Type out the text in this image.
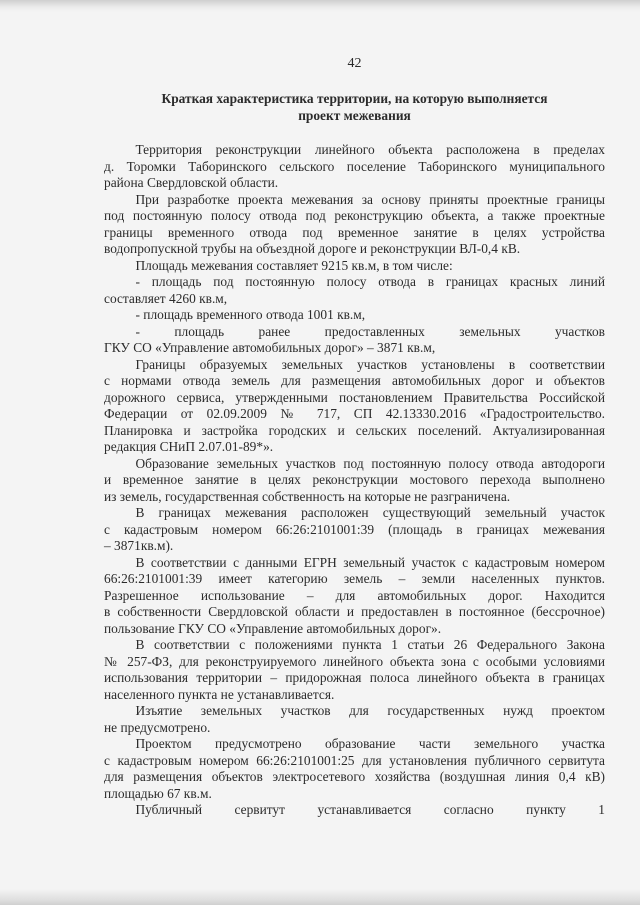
42
Краткая характеристика территории, на которую выполняется
проект межевания

Территория реконструкции линейного объекта расположена в пределах

д. Торомки Таборинского сельского поселение Таборинского муниципального

района Свердловской области.

При разработке проекта межевания за основу приняты проектные границы

под постоянную полосу отвода под реконструкцию объекта, а также проектные

границы временного отвода под временное занятие в целях устройства

водопропускной трубы на объездной дороге и реконструкции ВЛ-0,4 кВ.

Площадь межевания составляет 9215 кв.м, в том числе:

- площадь под постоянную полосу отвода в границах красных линий

составляет 4260 кв.м,

- площадь временного отвода 1001 кв.м,

- площадь ранее предоставленных земельных участков

ГКУ СО «Управление автомобильных дорог» – 3871 кв.м,

Границы образуемых земельных участков установлены в соответствии

с нормами отвода земель для размещения автомобильных дорог и объектов

дорожного сервиса, утвержденными постановлением Правительства Российской

Федерации от 02.09.2009 № 717, СП 42.13330.2016 «Градостроительство.

Планировка и застройка городских и сельских поселений. Актуализированная

редакция СНиП 2.07.01-89*».

Образование земельных участков под постоянную полосу отвода автодороги

и временное занятие в целях реконструкции мостового перехода выполнено

из земель, государственная собственность на которые не разграничена.

В границах межевания расположен существующий земельный участок

с кадастровым номером 66:26:2101001:39 (площадь в границах межевания

– 3871кв.м).

В соответствии с данными ЕГРН земельный участок с кадастровым номером

66:26:2101001:39 имеет категорию земель – земли населенных пунктов.

Разрешенное использование – для автомобильных дорог. Находится

в собственности Свердловской области и предоставлен в постоянное (бессрочное)

пользование ГКУ СО «Управление автомобильных дорог».

В соответствии с положениями пункта 1 статьи 26 Федерального Закона

№ 257-ФЗ, для реконструируемого линейного объекта зона с особыми условиями

использования территории – придорожная полоса линейного объекта в границах

населенного пункта не устанавливается.

Изъятие земельных участков для государственных нужд проектом

не предусмотрено.

Проектом предусмотрено образование части земельного участка

с кадастровым номером 66:26:2101001:25 для установления публичного сервитута

для размещения объектов электросетевого хозяйства (воздушная линия 0,4 кВ)

площадью 67 кв.м.

Публичный сервитут устанавливается согласно пункту 1
